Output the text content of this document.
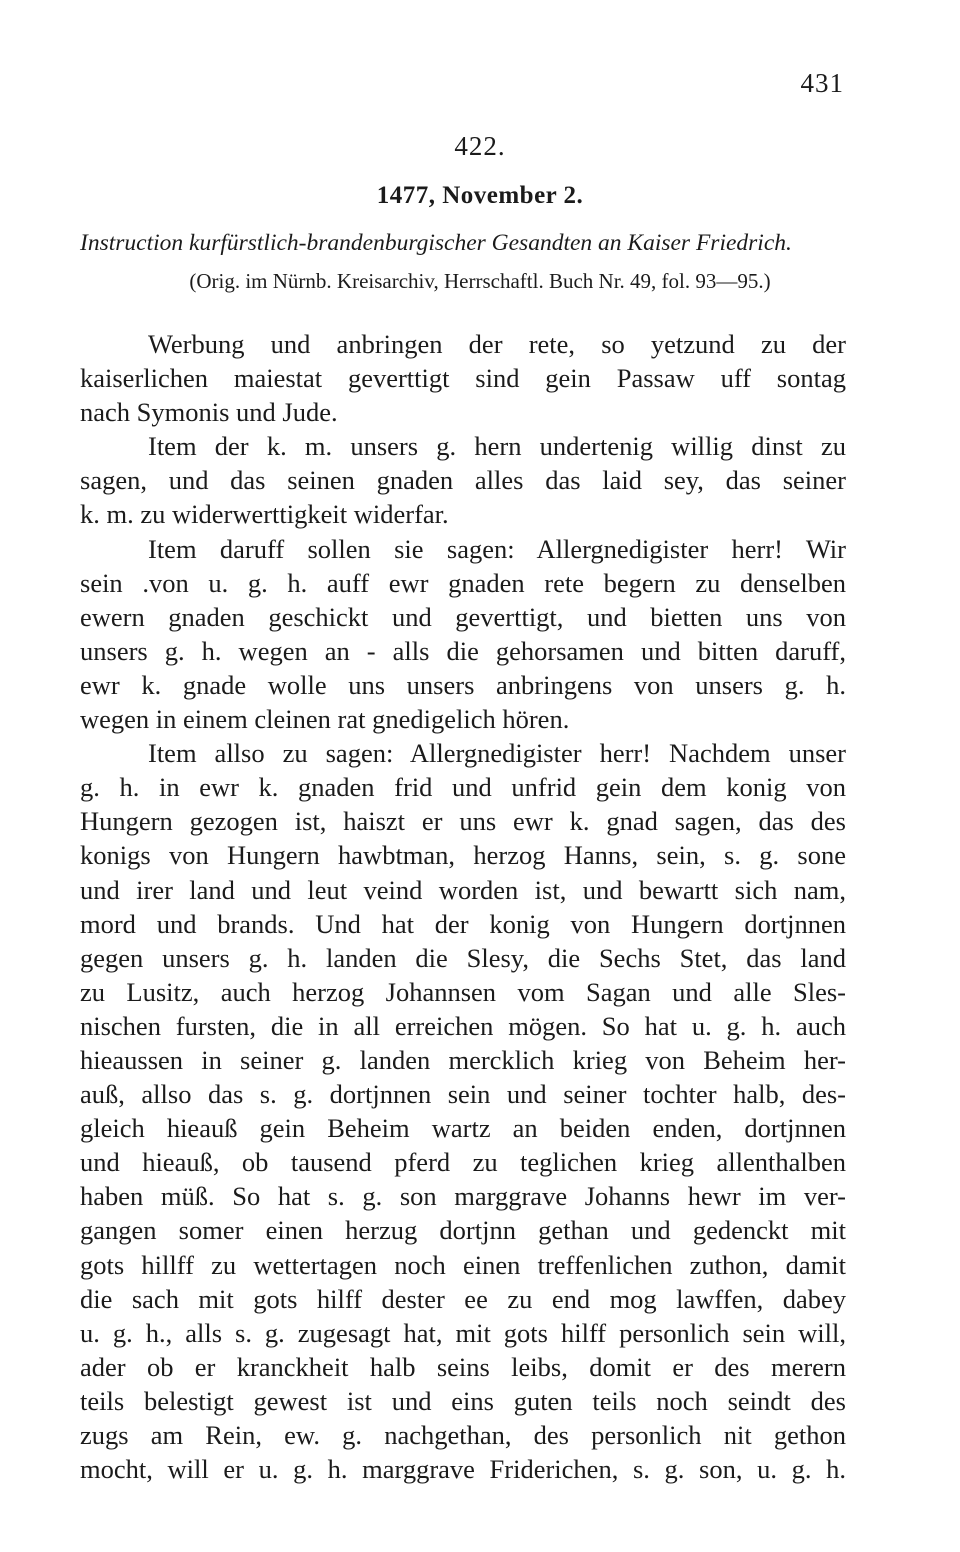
431
422.
1477, November 2.
Instruction kurfürstlich-brandenburgischer Gesandten an Kaiser Friedrich.
(Orig. im Nürnb. Kreisarchiv, Herrschaftl. Buch Nr. 49, fol. 93—95.)
Werbung und anbringen der rete, so yetzund zu der
kaiserlichen maiestat geverttigt sind gein Passaw uff sontag
nach Symonis und Jude.
Item der k. m. unsers g. hern undertenig willig dinst zu
sagen, und das seinen gnaden alles das laid sey, das seiner
k. m. zu widerwerttigkeit widerfar.
Item daruff sollen sie sagen: Allergnedigister herr! Wir
sein .von u. g. h. auff ewr gnaden rete begern zu denselben
ewern gnaden geschickt und geverttigt, und bietten uns von
unsers g. h. wegen an - alls die gehorsamen und bitten daruff,
ewr k. gnade wolle uns unsers anbringens von unsers g. h.
wegen in einem cleinen rat gnedigelich hören.
Item allso zu sagen: Allergnedigister herr! Nachdem unser
g. h. in ewr k. gnaden frid und unfrid gein dem konig von
Hungern gezogen ist, haiszt er uns ewr k. gnad sagen, das des
konigs von Hungern hawbtman, herzog Hanns, sein, s. g. sone
und irer land und leut veind worden ist, und bewartt sich nam,
mord und brands. Und hat der konig von Hungern dortjnnen
gegen unsers g. h. landen die Slesy, die Sechs Stet, das land
zu Lusitz, auch herzog Johannsen vom Sagan und alle Sles-
nischen fursten, die in all erreichen mögen. So hat u. g. h. auch
hieaussen in seiner g. landen mercklich krieg von Beheim her-
auß, allso das s. g. dortjnnen sein und seiner tochter halb, des-
gleich hieauß gein Beheim wartz an beiden enden, dortjnnen
und hieauß, ob tausend pferd zu teglichen krieg allenthalben
haben müß. So hat s. g. son marggrave Johanns hewr im ver-
gangen somer einen herzug dortjnn gethan und gedenckt mit
gots hillff zu wettertagen noch einen treffenlichen zuthon, damit
die sach mit gots hilff dester ee zu end mog lawffen, dabey
u. g. h., alls s. g. zugesagt hat, mit gots hilff personlich sein will,
ader ob er kranckheit halb seins leibs, domit er des merern
teils belestigt gewest ist und eins guten teils noch seindt des
zugs am Rein, ew. g. nachgethan, des personlich nit gethon
mocht, will er u. g. h. marggrave Friderichen, s. g. son, u. g. h.
